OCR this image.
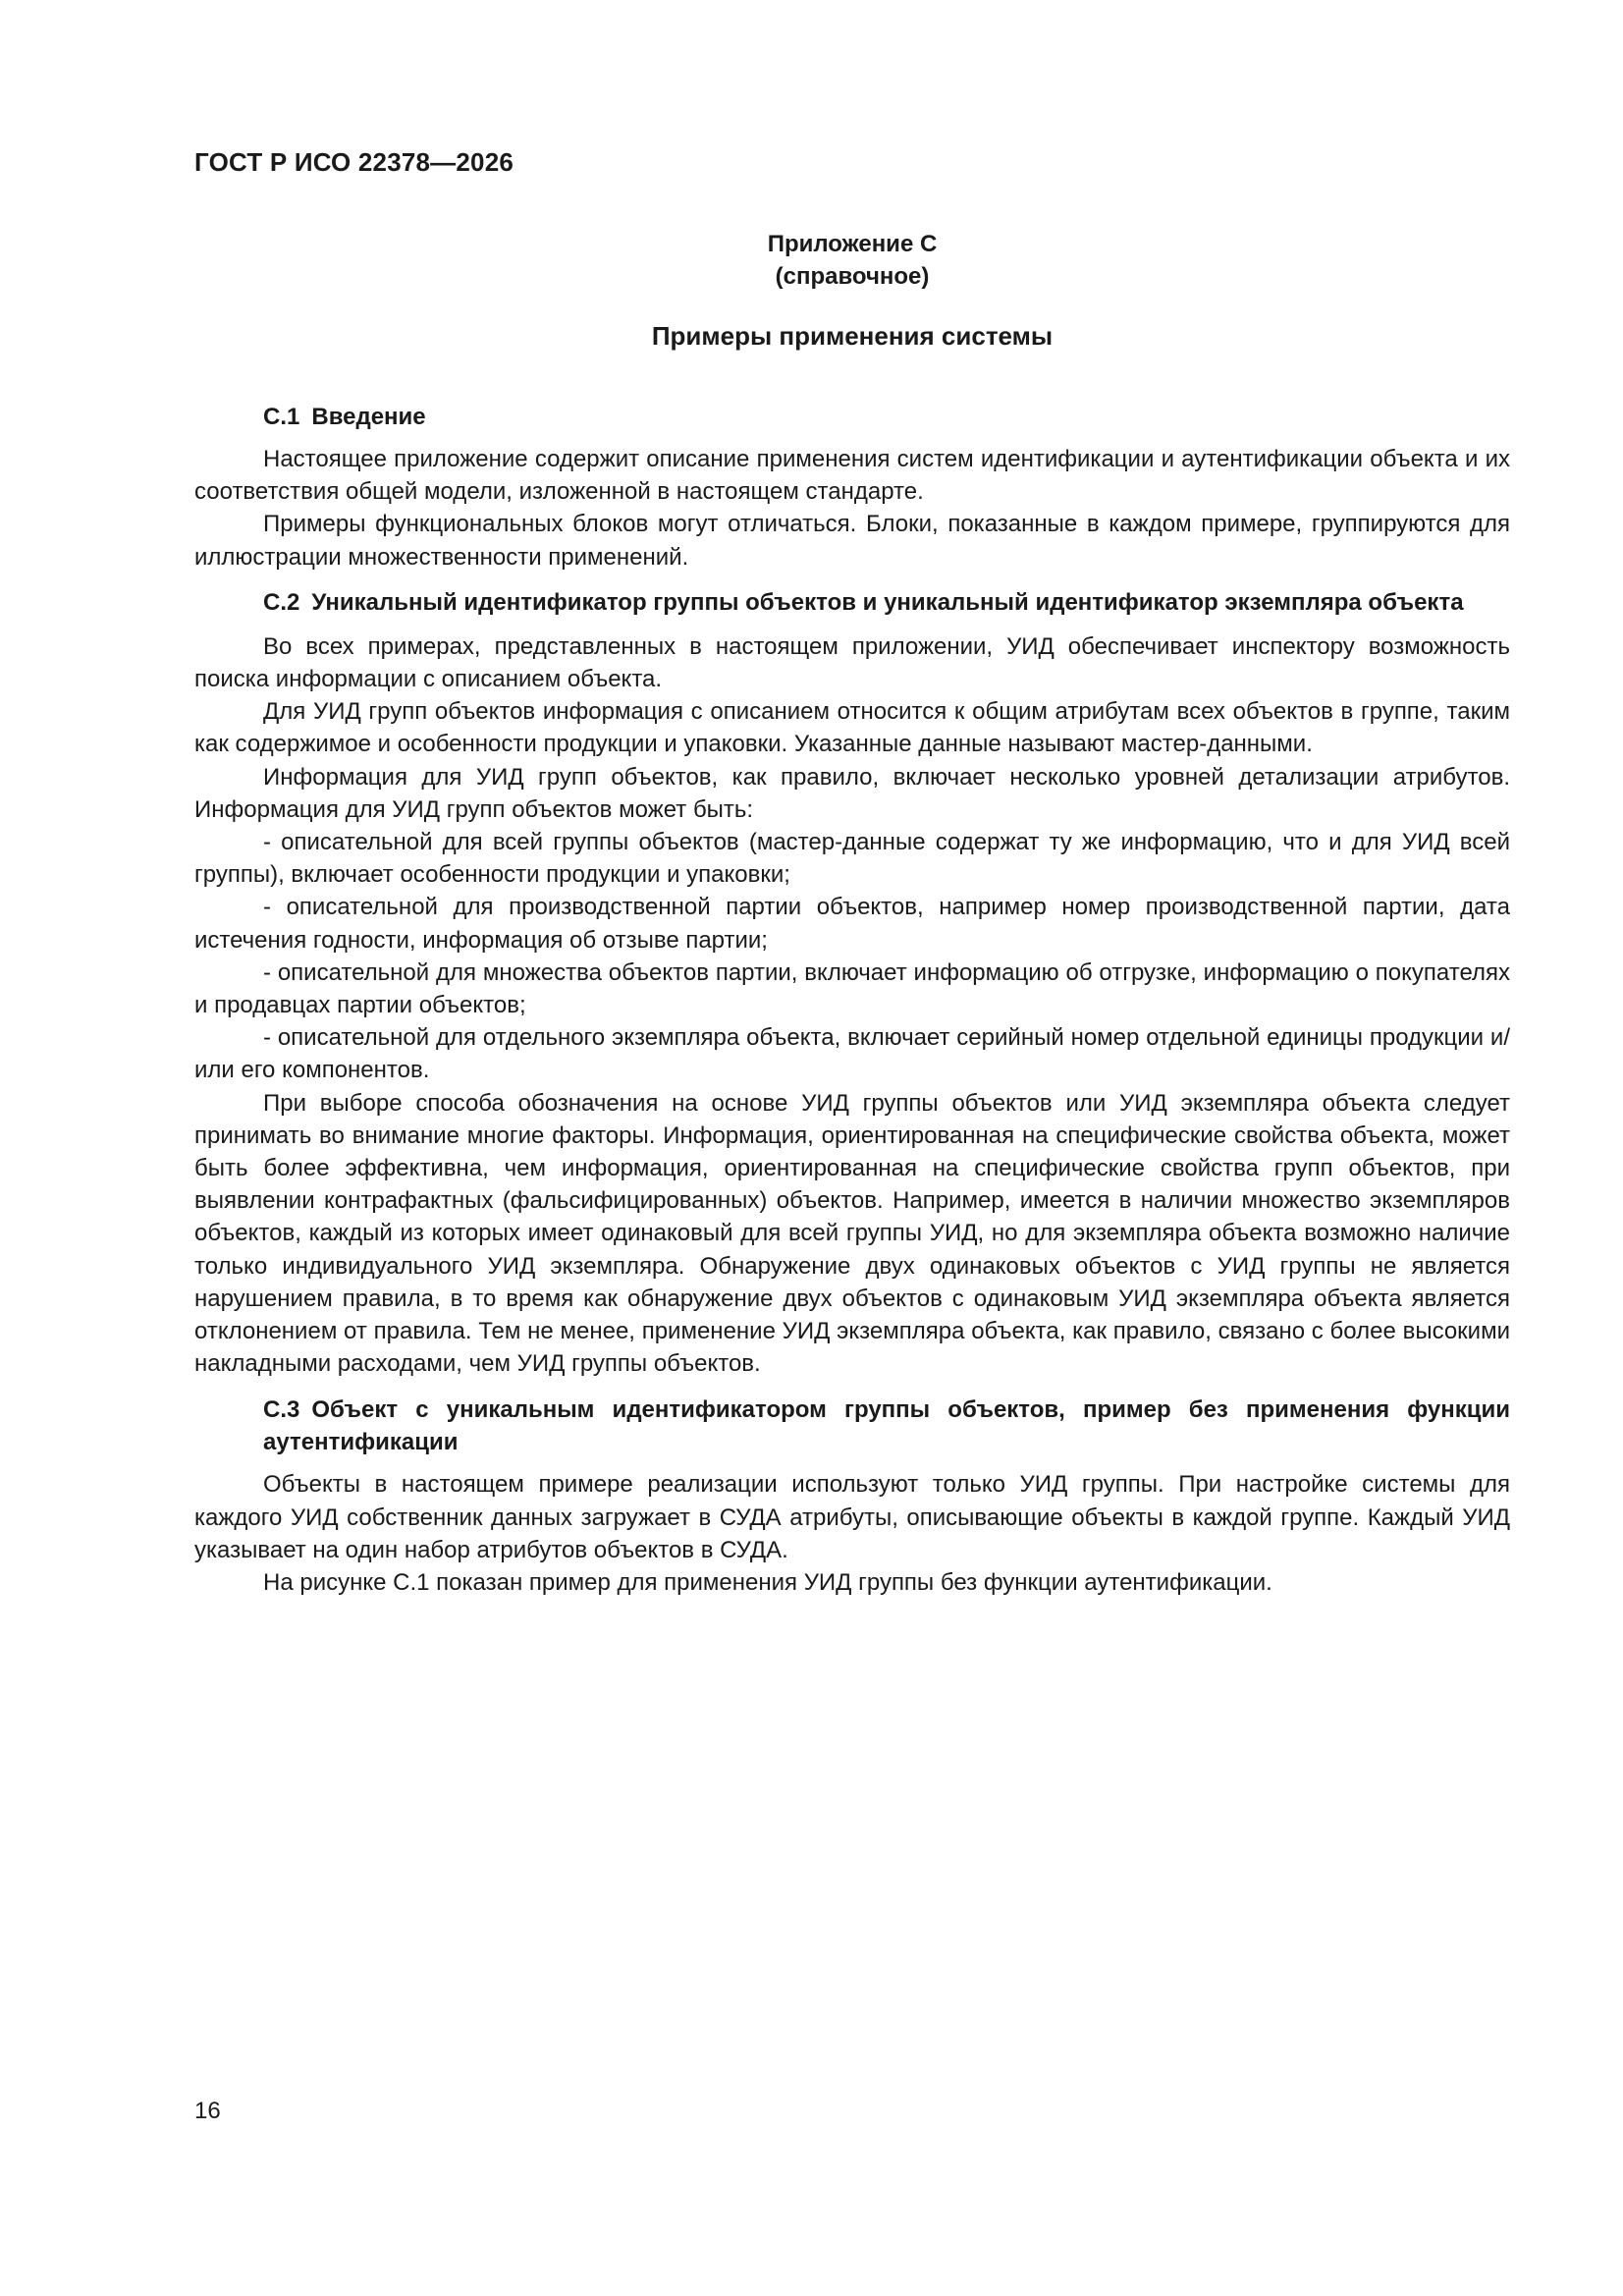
ГОСТ Р ИСО 22378—2026
Приложение С
(справочное)
Примеры применения системы
С.1 Введение

Настоящее приложение содержит описание применения систем идентификации и аутентификации объекта и их соответствия общей модели, изложенной в настоящем стандарте.

Примеры функциональных блоков могут отличаться. Блоки, показанные в каждом примере, группируются для иллюстрации множественности применений.

С.2 Уникальный идентификатор группы объектов и уникальный идентификатор экземпляра объекта

Во всех примерах, представленных в настоящем приложении, УИД обеспечивает инспектору возможность поиска информации с описанием объекта.

Для УИД групп объектов информация с описанием относится к общим атрибутам всех объектов в группе, таким как содержимое и особенности продукции и упаковки. Указанные данные называют мастер-данными.

Информация для УИД групп объектов, как правило, включает несколько уровней детализации атрибутов. Информация для УИД групп объектов может быть:

- описательной для всей группы объектов (мастер-данные содержат ту же информацию, что и для УИД всей группы), включает особенности продукции и упаковки;

- описательной для производственной партии объектов, например номер производственной партии, дата истечения годности, информация об отзыве партии;

- описательной для множества объектов партии, включает информацию об отгрузке, информацию о покупателях и продавцах партии объектов;

- описательной для отдельного экземпляра объекта, включает серийный номер отдельной единицы продукции и/или его компонентов.

При выборе способа обозначения на основе УИД группы объектов или УИД экземпляра объекта следует принимать во внимание многие факторы. Информация, ориентированная на специфические свойства объекта, может быть более эффективна, чем информация, ориентированная на специфические свойства групп объектов, при выявлении контрафактных (фальсифицированных) объектов. Например, имеется в наличии множество экземпляров объектов, каждый из которых имеет одинаковый для всей группы УИД, но для экземпляра объекта возможно наличие только индивидуального УИД экземпляра. Обнаружение двух одинаковых объектов с УИД группы не является нарушением правила, в то время как обнаружение двух объектов с одинаковым УИД экземпляра объекта является отклонением от правила. Тем не менее, применение УИД экземпляра объекта, как правило, связано с более высокими накладными расходами, чем УИД группы объектов.

С.3 Объект с уникальным идентификатором группы объектов, пример без применения функции аутентификации

Объекты в настоящем примере реализации используют только УИД группы. При настройке системы для каждого УИД собственник данных загружает в СУДА атрибуты, описывающие объекты в каждой группе. Каждый УИД указывает на один набор атрибутов объектов в СУДА.

На рисунке С.1 показан пример для применения УИД группы без функции аутентификации.

16
